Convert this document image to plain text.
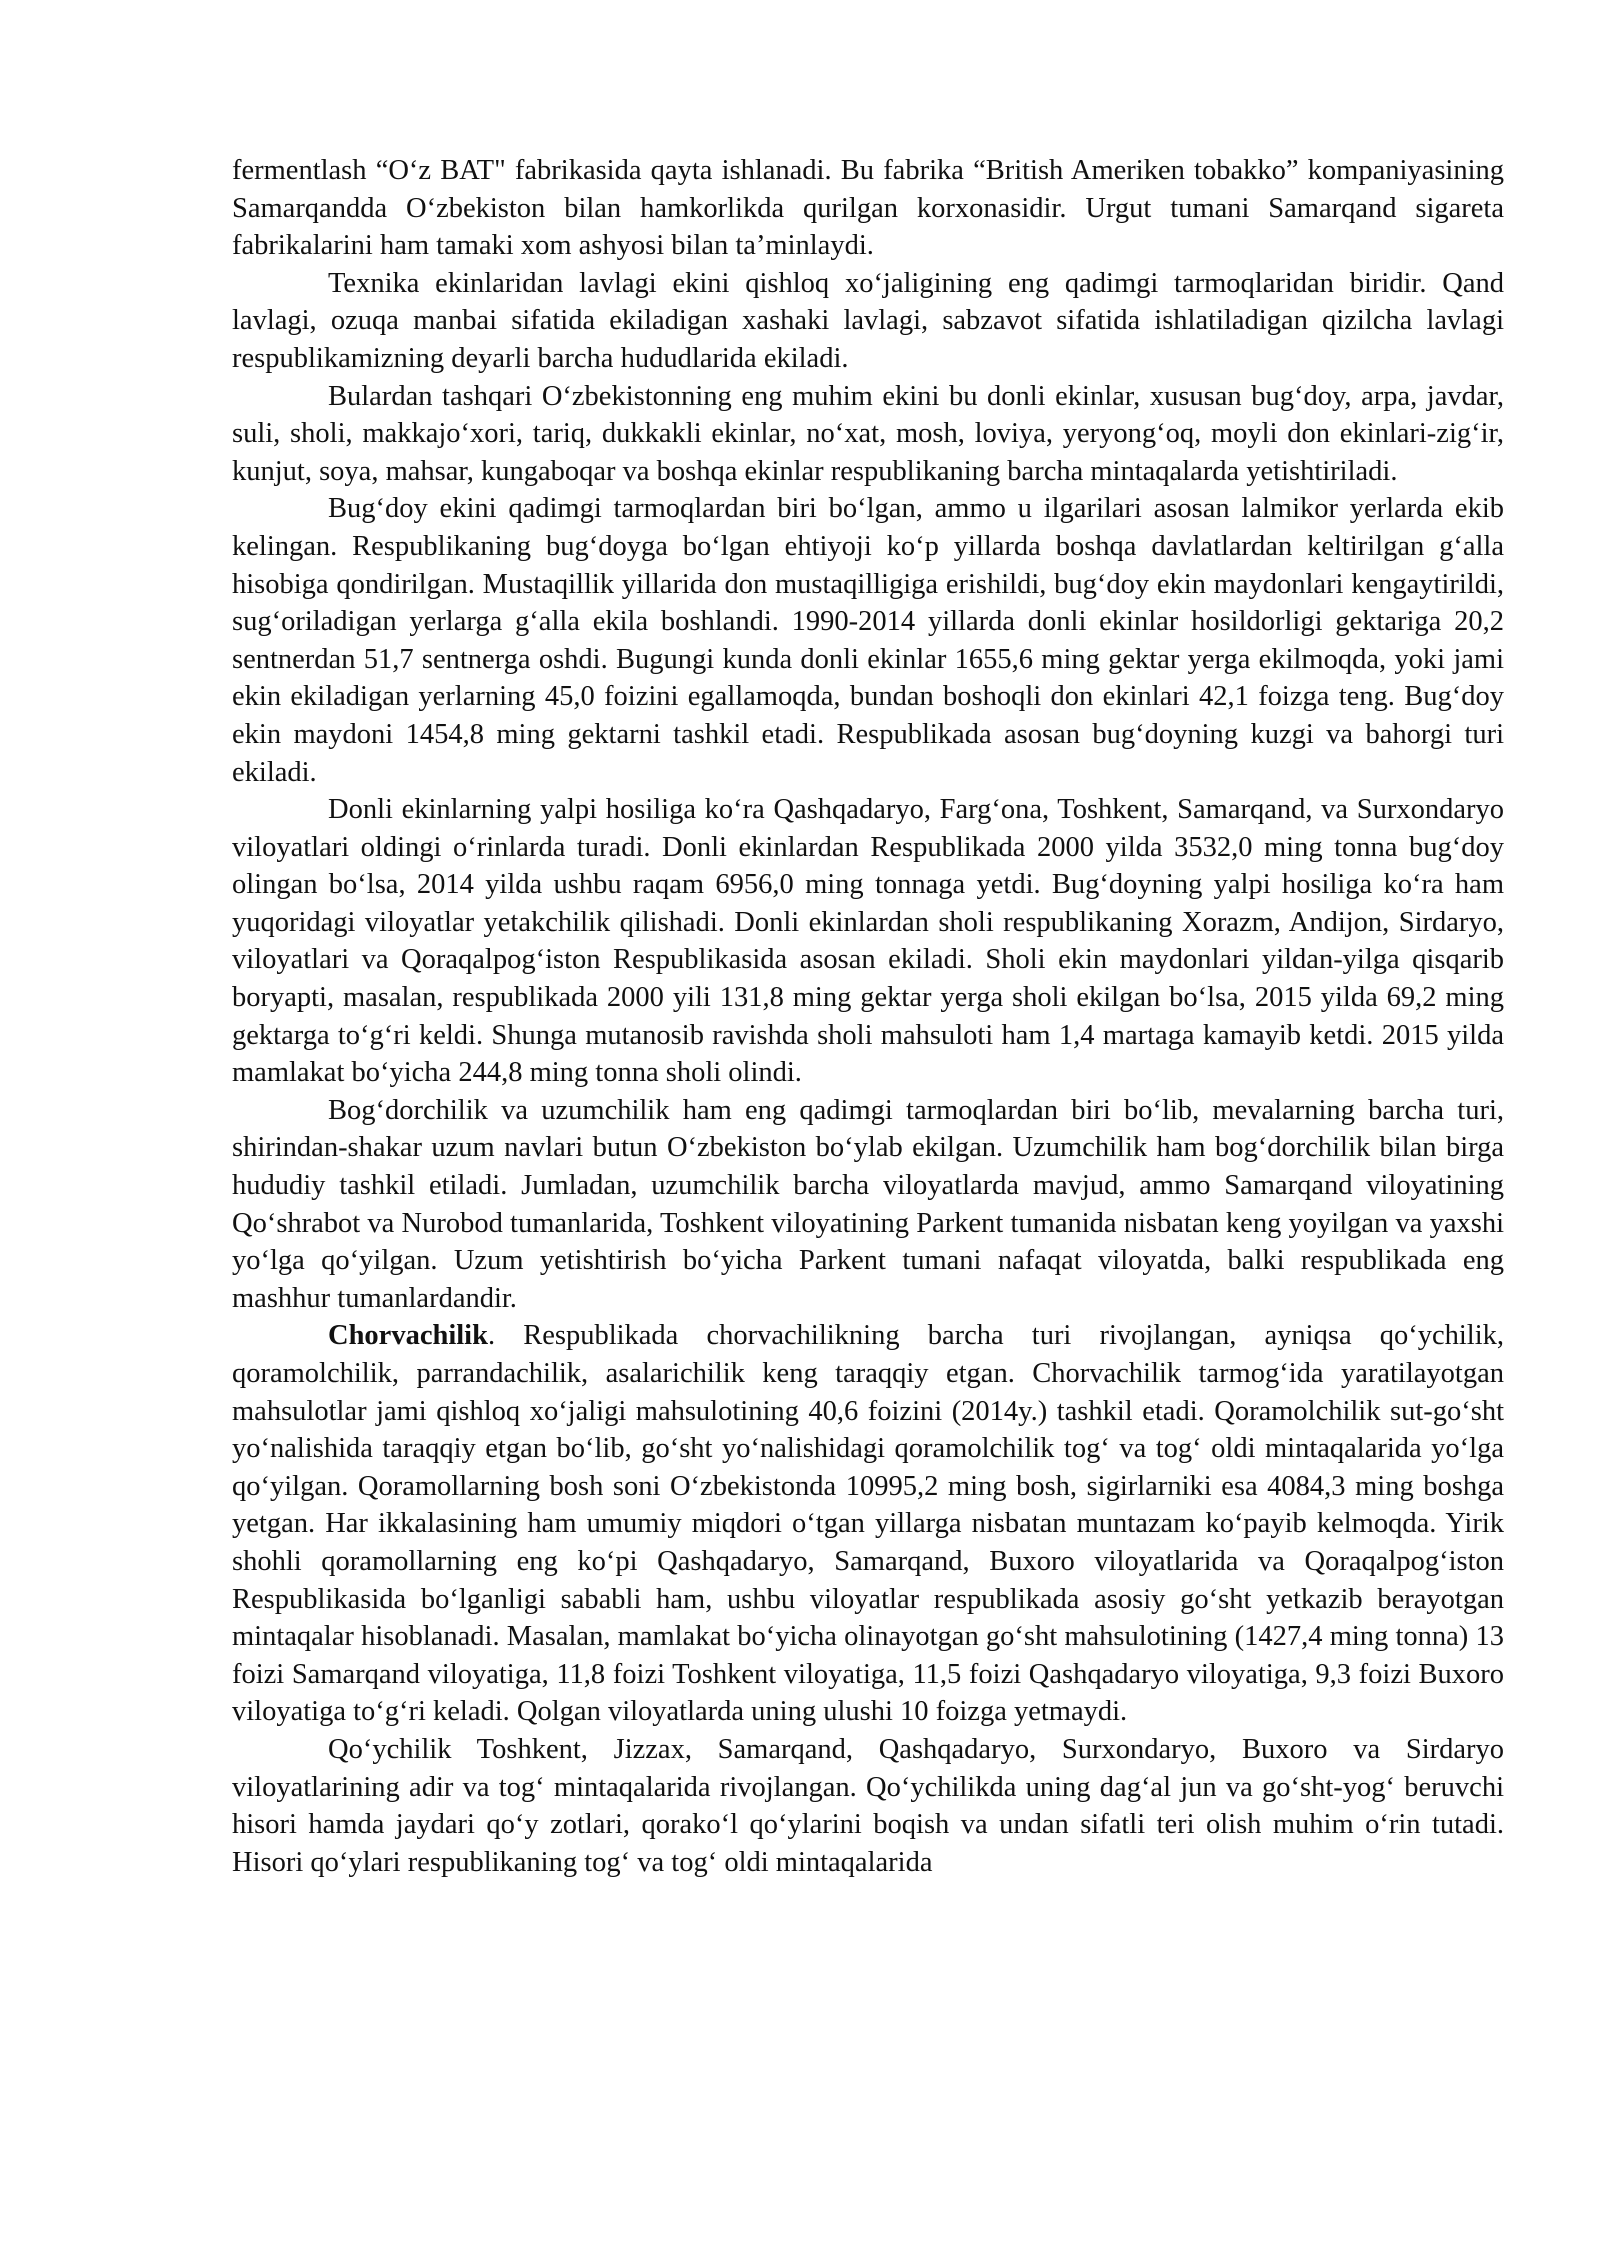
fermentlash “O‘z BAT" fabrikasida qayta ishlanadi. Bu fabrika “British Ameriken tobakko” kompaniyasining Samarqandda O‘zbekiston bilan hamkorlikda qurilgan korxonasidir. Urgut tumani Samarqand sigareta fabrikalarini ham tamaki xom ashyosi bilan ta’minlaydi.

Texnika ekinlaridan lavlagi ekini qishloq xo‘jaligining eng qadimgi tarmoqlaridan biridir. Qand lavlagi, ozuqa manbai sifatida ekiladigan xashaki lavlagi, sabzavot sifatida ishlatiladigan qizilcha lavlagi respublikamizning deyarli barcha hududlarida ekiladi.

Bulardan tashqari O‘zbekistonning eng muhim ekini bu donli ekinlar, xususan bug‘doy, arpa, javdar, suli, sholi, makkajo‘xori, tariq, dukkakli ekinlar, no‘xat, mosh, loviya, yeryong‘oq, moyli don ekinlari-zig‘ir, kunjut, soya, mahsar, kungaboqar va boshqa ekinlar respublikaning barcha mintaqalarda yetishtiriladi.

Bug‘doy ekini qadimgi tarmoqlardan biri bo‘lgan, ammo u ilgarilari asosan lalmikor yerlarda ekib kelingan. Respublikaning bug‘doyga bo‘lgan ehtiyoji ko‘p yillarda boshqa davlatlardan keltirilgan g‘alla hisobiga qondirilgan. Mustaqillik yillarida don mustaqilligiga erishildi, bug‘doy ekin maydonlari kengaytirildi, sug‘oriladigan yerlarga g‘alla ekila boshlandi. 1990-2014 yillarda donli ekinlar hosildorligi gektariga 20,2 sentnerdan 51,7 sentnerga oshdi. Bugungi kunda donli ekinlar 1655,6 ming gektar yerga ekilmoqda, yoki jami ekin ekiladigan yerlarning 45,0 foizini egallamoqda, bundan boshoqli don ekinlari 42,1 foizga teng. Bug‘doy ekin maydoni 1454,8 ming gektarni tashkil etadi. Respublikada asosan bug‘doyning kuzgi va bahorgi turi ekiladi.

Donli ekinlarning yalpi hosiliga ko‘ra Qashqadaryo, Farg‘ona, Toshkent, Samarqand, va Surxondaryo viloyatlari oldingi o‘rinlarda turadi. Donli ekinlardan Respublikada 2000 yilda 3532,0 ming tonna bug‘doy olingan bo‘lsa, 2014 yilda ushbu raqam 6956,0 ming tonnaga yetdi. Bug‘doyning yalpi hosiliga ko‘ra ham yuqoridagi viloyatlar yetakchilik qilishadi. Donli ekinlardan sholi respublikaning Xorazm, Andijon, Sirdaryo, viloyatlari va Qoraqalpog‘iston Respublikasida asosan ekiladi. Sholi ekin maydonlari yildan-yilga qisqarib boryapti, masalan, respublikada 2000 yili 131,8 ming gektar yerga sholi ekilgan bo‘lsa, 2015 yilda 69,2 ming gektarga to‘g‘ri keldi. Shunga mutanosib ravishda sholi mahsuloti ham 1,4 martaga kamayib ketdi. 2015 yilda mamlakat bo‘yicha 244,8 ming tonna sholi olindi.

Bog‘dorchilik va uzumchilik ham eng qadimgi tarmoqlardan biri bo‘lib, mevalarning barcha turi, shirindan-shakar uzum navlari butun O‘zbekiston bo‘ylab ekilgan. Uzumchilik ham bog‘dorchilik bilan birga hududiy tashkil etiladi. Jumladan, uzumchilik barcha viloyatlarda mavjud, ammo Samarqand viloyatining Qo‘shrabot va Nurobod tumanlarida, Toshkent viloyatining Parkent tumanida nisbatan keng yoyilgan va yaxshi yo‘lga qo‘yilgan. Uzum yetishtirish bo‘yicha Parkent tumani nafaqat viloyatda, balki respublikada eng mashhur tumanlardandir.

Chorvachilik. Respublikada chorvachilikning barcha turi rivojlangan, ayniqsa qo‘ychilik, qoramolchilik, parrandachilik, asalarichilik keng taraqqiy etgan. Chorvachilik tarmog‘ida yaratilayotgan mahsulotlar jami qishloq xo‘jaligi mahsulotining 40,6 foizini (2014y.) tashkil etadi. Qoramolchilik sut-go‘sht yo‘nalishida taraqqiy etgan bo‘lib, go‘sht yo‘nalishidagi qoramolchilik tog‘ va tog‘ oldi mintaqalarida yo‘lga qo‘yilgan. Qoramollarning bosh soni O‘zbekistonda 10995,2 ming bosh, sigirlarniki esa 4084,3 ming boshga yetgan. Har ikkalasining ham umumiy miqdori o‘tgan yillarga nisbatan muntazam ko‘payib kelmoqda. Yirik shohli qoramollarning eng ko‘pi Qashqadaryo, Samarqand, Buxoro viloyatlarida va Qoraqalpog‘iston Respublikasida bo‘lganligi sababli ham, ushbu viloyatlar respublikada asosiy go‘sht yetkazib berayotgan mintaqalar hisoblanadi. Masalan, mamlakat bo‘yicha olinayotgan go‘sht mahsulotining (1427,4 ming tonna) 13 foizi Samarqand viloyatiga, 11,8 foizi Toshkent viloyatiga, 11,5 foizi Qashqadaryo viloyatiga, 9,3 foizi Buxoro viloyatiga to‘g‘ri keladi. Qolgan viloyatlarda uning ulushi 10 foizga yetmaydi.

Qo‘ychilik Toshkent, Jizzax, Samarqand, Qashqadaryo, Surxondaryo, Buxoro va Sirdaryo viloyatlarining adir va tog‘ mintaqalarida rivojlangan. Qo‘ychilikda uning dag‘al jun va go‘sht-yog‘ beruvchi hisori hamda jaydari qo‘y zotlari, qorako‘l qo‘ylarini boqish va undan sifatli teri olish muhim o‘rin tutadi. Hisori qo‘ylari respublikaning tog‘ va tog‘ oldi mintaqalarida
